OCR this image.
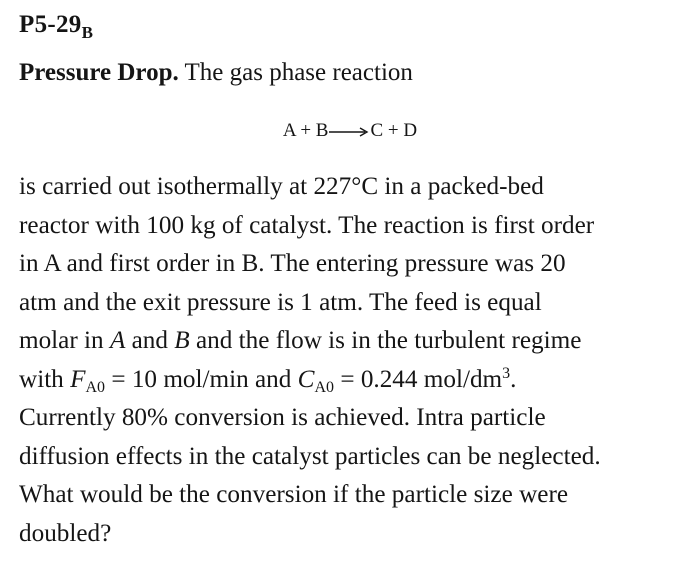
$P5-29_B$
Pressure Drop. The gas phase reaction
A + B→C + D
is carried out isothermally at 227°C in a packed-bed
reactor with 100 kg of catalyst. The reaction is first order
in A and first order in B. The entering pressure was 20
atm and the exit pressure is 1 atm. The feed is equal
molar in A and B and the flow is in the turbulent regime
with $F_{A0} = 10$ mol/min and $C_{A0} = 0.244$ mol/$dm^3$.
Currently 80% conversion is achieved. Intra particle
diffusion effects in the catalyst particles can be neglected.
What would be the conversion if the particle size were
doubled?
